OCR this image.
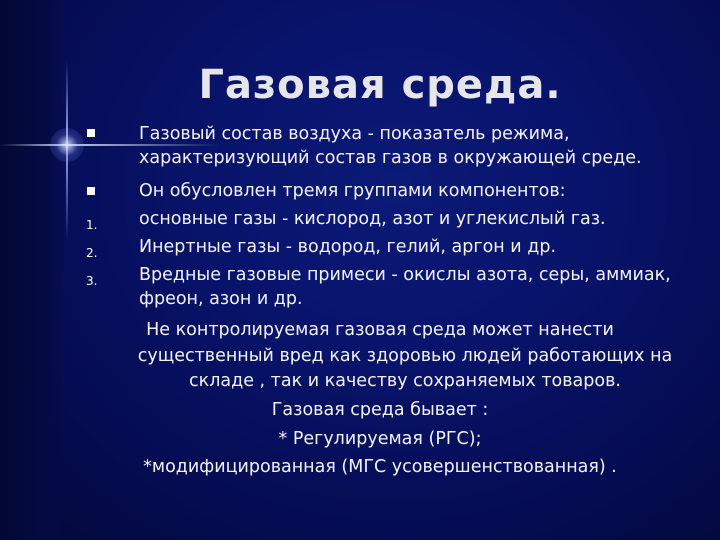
Газовая среда.
Газовый состав воздуха - показатель режима,
характеризующий состав газов в окружающей среде.
Он обусловлен тремя группами компонентов:
1. основные газы - кислород, азот и углекислый газ.
2. Инертные газы - водород, гелий, аргон и др.
3. Вредные газовые примеси - окислы азота, серы, аммиак,
фреон, азон и др.
Не контролируемая газовая среда может нанести
существенный вред как здоровью людей работающих на
складе , так и качеству сохраняемых товаров.
Газовая среда бывает :
* Регулируемая (РГС);
*модифицированная (МГС усовершенствованная) .
